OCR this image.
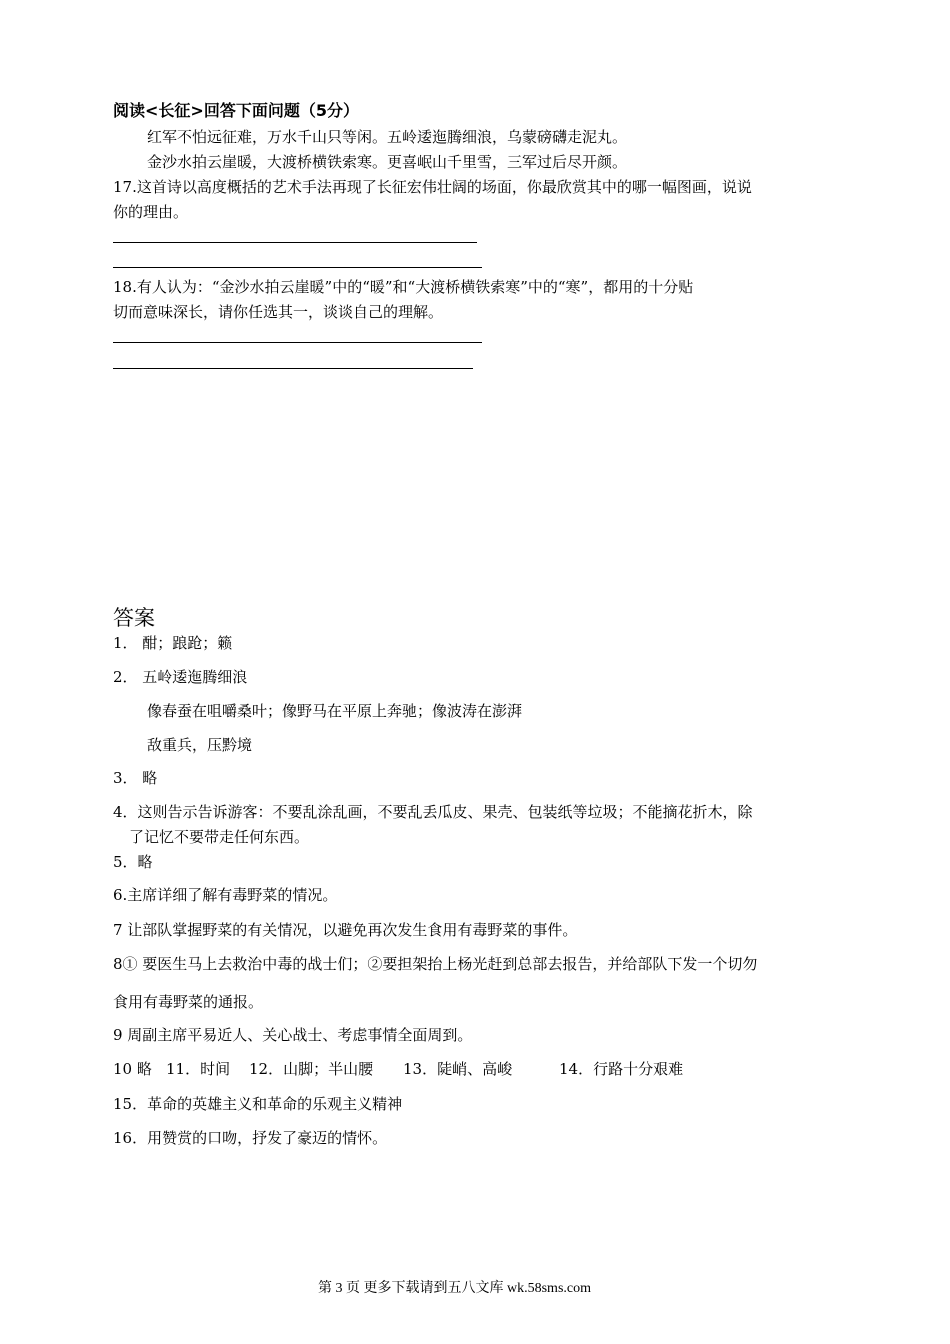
阅读<长征>回答下面问题（5分）
红军不怕远征难，万水千山只等闲。五岭逶迤腾细浪，乌蒙磅礴走泥丸。
金沙水拍云崖暖，大渡桥横铁索寒。更喜岷山千里雪，三军过后尽开颜。
17.这首诗以高度概括的艺术手法再现了长征宏伟壮阔的场面，你最欣赏其中的哪一幅图画，说说
你的理由。
18.有人认为：“金沙水拍云崖暖”中的“暖”和“大渡桥横铁索寒”中的“寒”，都用的十分贴
切而意味深长，请你任选其一，谈谈自己的理解。
答案
1． 酣；踉跄；籁
2． 五岭逶迤腾细浪
像春蚕在咀嚼桑叶；像野马在平原上奔驰；像波涛在澎湃
敌重兵，压黔境
3． 略
4．这则告示告诉游客：不要乱涂乱画，不要乱丢瓜皮、果壳、包装纸等垃圾；不能摘花折木，除
了记忆不要带走任何东西。
5．略
6.主席详细了解有毒野菜的情况。
7 让部队掌握野菜的有关情况，以避免再次发生食用有毒野菜的事件。
8① 要医生马上去救治中毒的战士们；②要担架抬上杨光赶到总部去报告，并给部队下发一个切勿
食用有毒野菜的通报。
9 周副主席平易近人、关心战士、考虑事情全面周到。
10 略 11．时间 12．山脚；半山腰 13．陡峭、高峻	14．行路十分艰难
15．革命的英雄主义和革命的乐观主义精神
16．用赞赏的口吻，抒发了豪迈的情怀。
第 3 页 更多下载请到五八文库 wk.58sms.com
